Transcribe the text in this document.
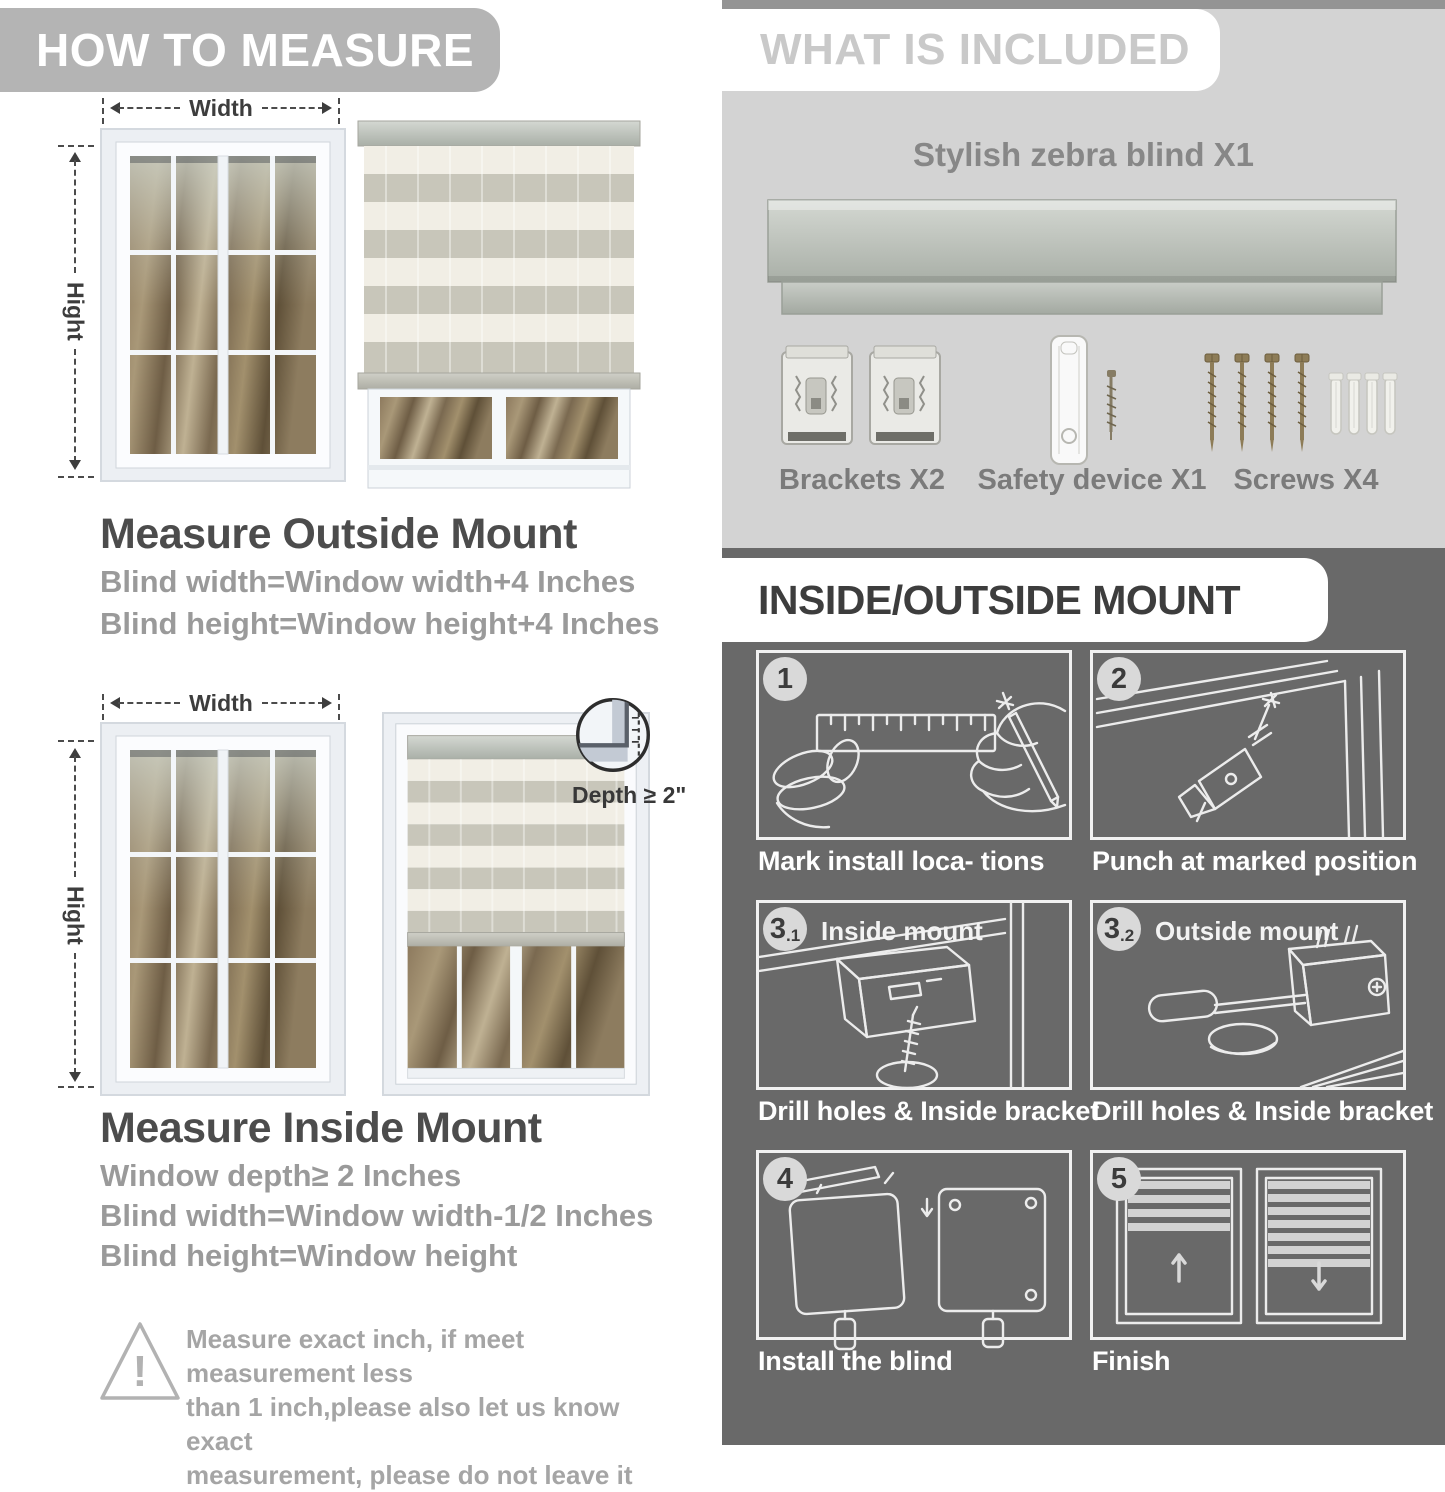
HOW TO MEASURE
Width
Hight
Measure Outside Mount
Blind width=Window width+4 Inches
Blind height=Window height+4 Inches
Width
Hight
Depth ≥ 2"
Measure Inside Mount
Window depth≥ 2 Inches
Blind width=Window width-1/2 Inches
Blind height=Window height
!
Measure exact inch, if meet measurement less
than 1 inch,please also let us know exact
measurement, please do not leave it
WHAT IS INCLUDED
Stylish zebra blind X1
Brackets X2	Safety device X1 Screws X4
INSIDE/OUTSIDE MOUNT
1
Mark install loca- tions
2
Punch at marked position
3 .1 Inside mount
Drill holes & Inside bracket
3 .2 Outside mount
Drill holes & Inside bracket
4
Install the blind
5
Finish
